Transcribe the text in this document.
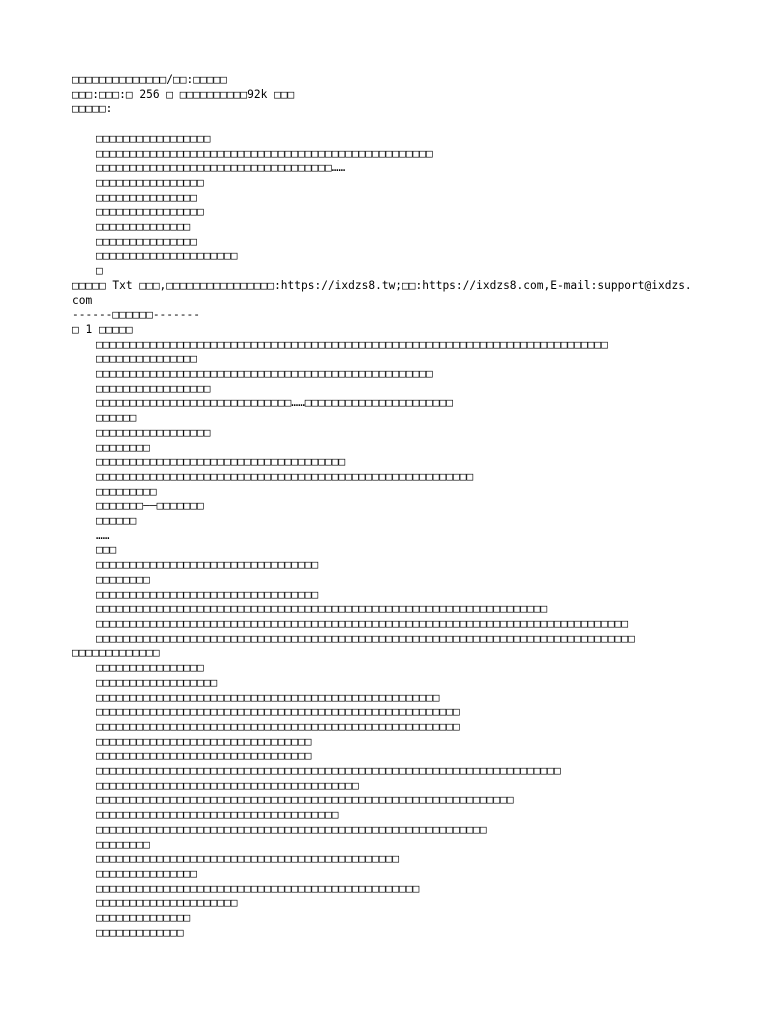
□□□□□□□□□□□□□□/□□:□□□□□
□□□:□□□:□ 256 □ □□□□□□□□□□92k □□□
□□□□□:
□□□□□□□□□□□□□□□□□
□□□□□□□□□□□□□□□□□□□□□□□□□□□□□□□□□□□□□□□□□□□□□□□□□□
□□□□□□□□□□□□□□□□□□□□□□□□□□□□□□□□□□□……
□□□□□□□□□□□□□□□□
□□□□□□□□□□□□□□□
□□□□□□□□□□□□□□□□
□□□□□□□□□□□□□□
□□□□□□□□□□□□□□□
□□□□□□□□□□□□□□□□□□□□□
□
□□□□□ Txt □□□,□□□□□□□□□□□□□□□□:https://ixdzs8.tw;□□:https://ixdzs8.com,E-mail:support@ixdzs.com
------□□□□□□-------
□ 1 □□□□□
□□□□□□□□□□□□□□□□□□□□□□□□□□□□□□□□□□□□□□□□□□□□□□□□□□□□□□□□□□□□□□□□□□□□□□□□□□□□
□□□□□□□□□□□□□□□
□□□□□□□□□□□□□□□□□□□□□□□□□□□□□□□□□□□□□□□□□□□□□□□□□□
□□□□□□□□□□□□□□□□□
□□□□□□□□□□□□□□□□□□□□□□□□□□□□□……□□□□□□□□□□□□□□□□□□□□□□
□□□□□□
□□□□□□□□□□□□□□□□□
□□□□□□□□
□□□□□□□□□□□□□□□□□□□□□□□□□□□□□□□□□□□□□
□□□□□□□□□□□□□□□□□□□□□□□□□□□□□□□□□□□□□□□□□□□□□□□□□□□□□□□□
□□□□□□□□□
□□□□□□□——□□□□□□□
□□□□□□
……
□□□
□□□□□□□□□□□□□□□□□□□□□□□□□□□□□□□□□
□□□□□□□□
□□□□□□□□□□□□□□□□□□□□□□□□□□□□□□□□□
□□□□□□□□□□□□□□□□□□□□□□□□□□□□□□□□□□□□□□□□□□□□□□□□□□□□□□□□□□□□□□□□□□□
□□□□□□□□□□□□□□□□□□□□□□□□□□□□□□□□□□□□□□□□□□□□□□□□□□□□□□□□□□□□□□□□□□□□□□□□□□□□□□□
□□□□□□□□□□□□□□□□□□□□□□□□□□□□□□□□□□□□□□□□□□□□□□□□□□□□□□□□□□□□□□□□□□□□□□□□□□□□□□□□
□□□□□□□□□□□□□
□□□□□□□□□□□□□□□□
□□□□□□□□□□□□□□□□□□
□□□□□□□□□□□□□□□□□□□□□□□□□□□□□□□□□□□□□□□□□□□□□□□□□□□
□□□□□□□□□□□□□□□□□□□□□□□□□□□□□□□□□□□□□□□□□□□□□□□□□□□□□□
□□□□□□□□□□□□□□□□□□□□□□□□□□□□□□□□□□□□□□□□□□□□□□□□□□□□□□
□□□□□□□□□□□□□□□□□□□□□□□□□□□□□□□□
□□□□□□□□□□□□□□□□□□□□□□□□□□□□□□□□
□□□□□□□□□□□□□□□□□□□□□□□□□□□□□□□□□□□□□□□□□□□□□□□□□□□□□□□□□□□□□□□□□□□□□
□□□□□□□□□□□□□□□□□□□□□□□□□□□□□□□□□□□□□□□
□□□□□□□□□□□□□□□□□□□□□□□□□□□□□□□□□□□□□□□□□□□□□□□□□□□□□□□□□□□□□□
□□□□□□□□□□□□□□□□□□□□□□□□□□□□□□□□□□□□
□□□□□□□□□□□□□□□□□□□□□□□□□□□□□□□□□□□□□□□□□□□□□□□□□□□□□□□□□□
□□□□□□□□
□□□□□□□□□□□□□□□□□□□□□□□□□□□□□□□□□□□□□□□□□□□□□
□□□□□□□□□□□□□□□
□□□□□□□□□□□□□□□□□□□□□□□□□□□□□□□□□□□□□□□□□□□□□□□□
□□□□□□□□□□□□□□□□□□□□□
□□□□□□□□□□□□□□
□□□□□□□□□□□□□
